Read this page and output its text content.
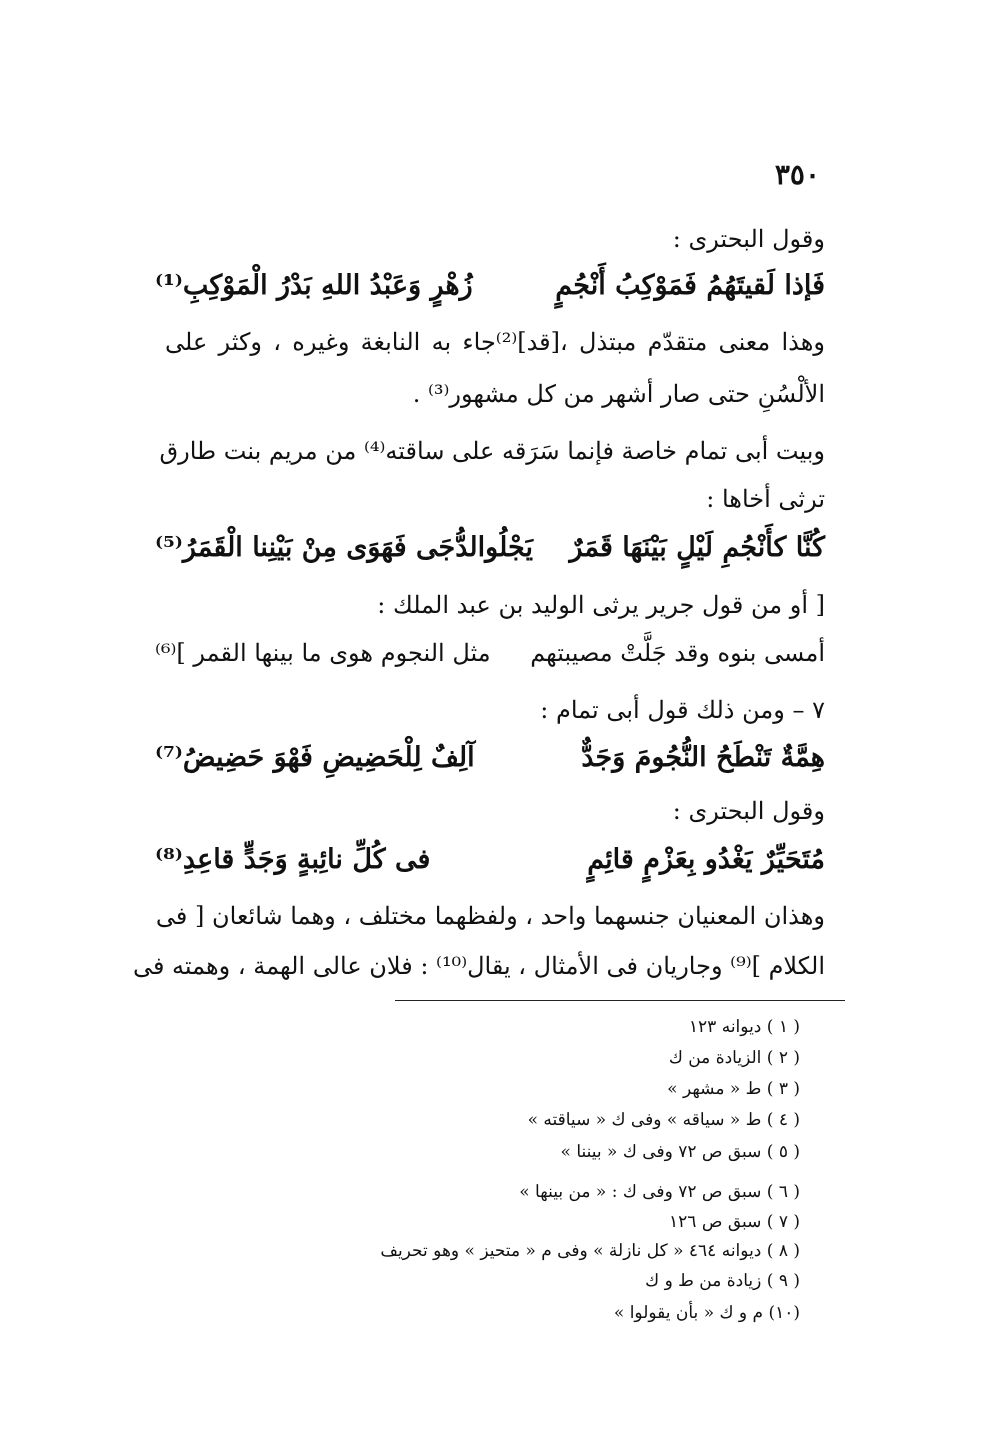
٣٥٠
وقول البحترى :
فَإذا لَقيتَهُمُ فَمَوْكِبُ أَنْجُمٍ
زُهْرٍ وَعَبْدُ اللهِ بَدْرُ الْمَوْكِبِ⁽¹⁾
وهذا معنى متقدّم مبتذل ،[قد]⁽²⁾جاء به النابغة وغيره ، وكثر على
الألْسُنِ حتى صار أشهر من كل مشهور⁽³⁾ .
وبيت أبى تمام خاصة فإنما سَرَقه على ساقته⁽⁴⁾ من مريم بنت طارق
ترثى أخاها :
كُنَّا كأَنْجُمِ لَيْلٍ بَيْنَهَا قَمَرٌ
يَجْلُوالدُّجَى فَهَوَى مِنْ بَيْنِنا الْقَمَرُ⁽⁵⁾
[ أو من قول جرير يرثى الوليد بن عبد الملك :
أمسى بنوه وقد جَلَّتْ مصيبتهم
مثل النجوم هوى ما بينها القمر ]⁽⁶⁾
٧ – ومن ذلك قول أبى تمام :
هِمَّةٌ تَنْطَحُ النُّجُومَ وَجَدٌّ
آلِفٌ لِلْحَضِيضِ فَهْوَ حَضِيضُ⁽⁷⁾
وقول البحترى :
مُتَحَيِّرٌ يَغْدُو بِعَزْمٍ قائِمٍ
فى كُلِّ نائِبةٍ وَجَدٍّ قاعِدِ⁽⁸⁾
وهذان المعنيان جنسهما واحد ، ولفظهما مختلف ، وهما شائعان [ فى
الكلام ]⁽⁹⁾ وجاريان فى الأمثال ، يقال⁽¹⁰⁾ : فلان عالى الهمة ، وهمته فى
( ١ ) ديوانه ١٢٣
( ٢ ) الزيادة من ك
( ٣ ) ط « مشهر »
( ٤ ) ط « سياقه » وفى ك « سياقته »
( ٥ ) سبق ص ٧٢ وفى ك « بيننا »
( ٦ ) سبق ص ٧٢ وفى ك : « من بينها »
( ٧ ) سبق ص ١٢٦
( ٨ ) ديوانه ٤٦٤ « كل نازلة » وفى م « متحيز » وهو تحريف
( ٩ ) زيادة من ط و ك
(١٠) م و ك « بأن يقولوا »
